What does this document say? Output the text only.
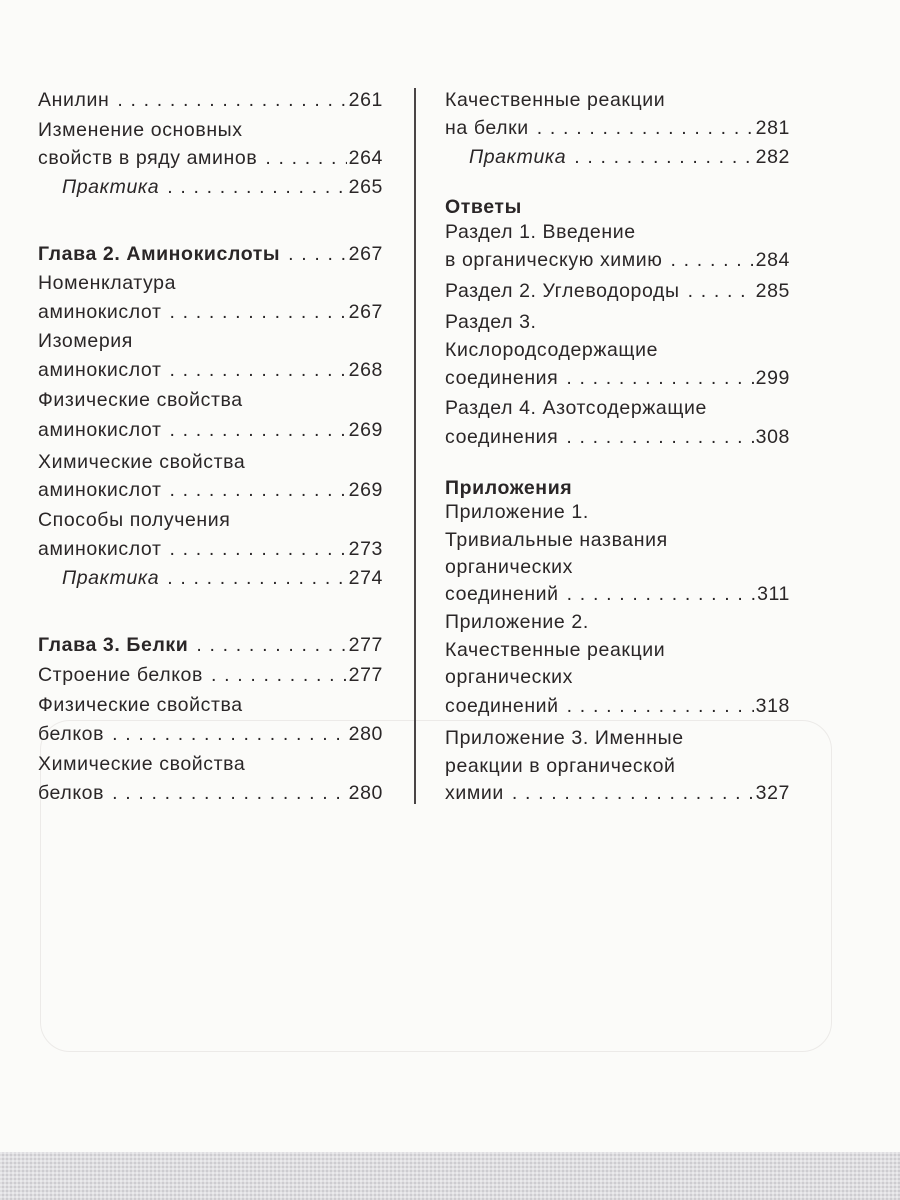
Анилин . . .	261
Изменение основных
свойств в ряду аминов . . .	264
Практика . . .	265
Глава 2. Аминокислоты . . .	267
Номенклатура
аминокислот . . .	267
Изомерия
аминокислот . . .	268
Физические свойства
аминокислот . . .	269
Химические свойства
аминокислот . . .	269
Способы получения
аминокислот . . .	273
Практика . . .	274
Глава 3. Белки . . .	277
Строение белков . . .	277
Физические свойства
белков . . .	280
Химические свойства
белков . . .	280
Качественные реакции
на белки . . .	281
Практика . . .	282
Ответы
Раздел 1. Введение
в органическую химию . . .	284
Раздел 2. Углеводороды . . .	285
Раздел 3.
Кислородсодержащие
соединения . . .	299
Раздел 4. Азотсодержащие
соединения . . .	308
Приложения
Приложение 1.
Тривиальные названия
органических
соединений . . .	311
Приложение 2.
Качественные реакции
органических
соединений . . .	318
Приложение 3. Именные
реакции в органической
химии . . .	327
